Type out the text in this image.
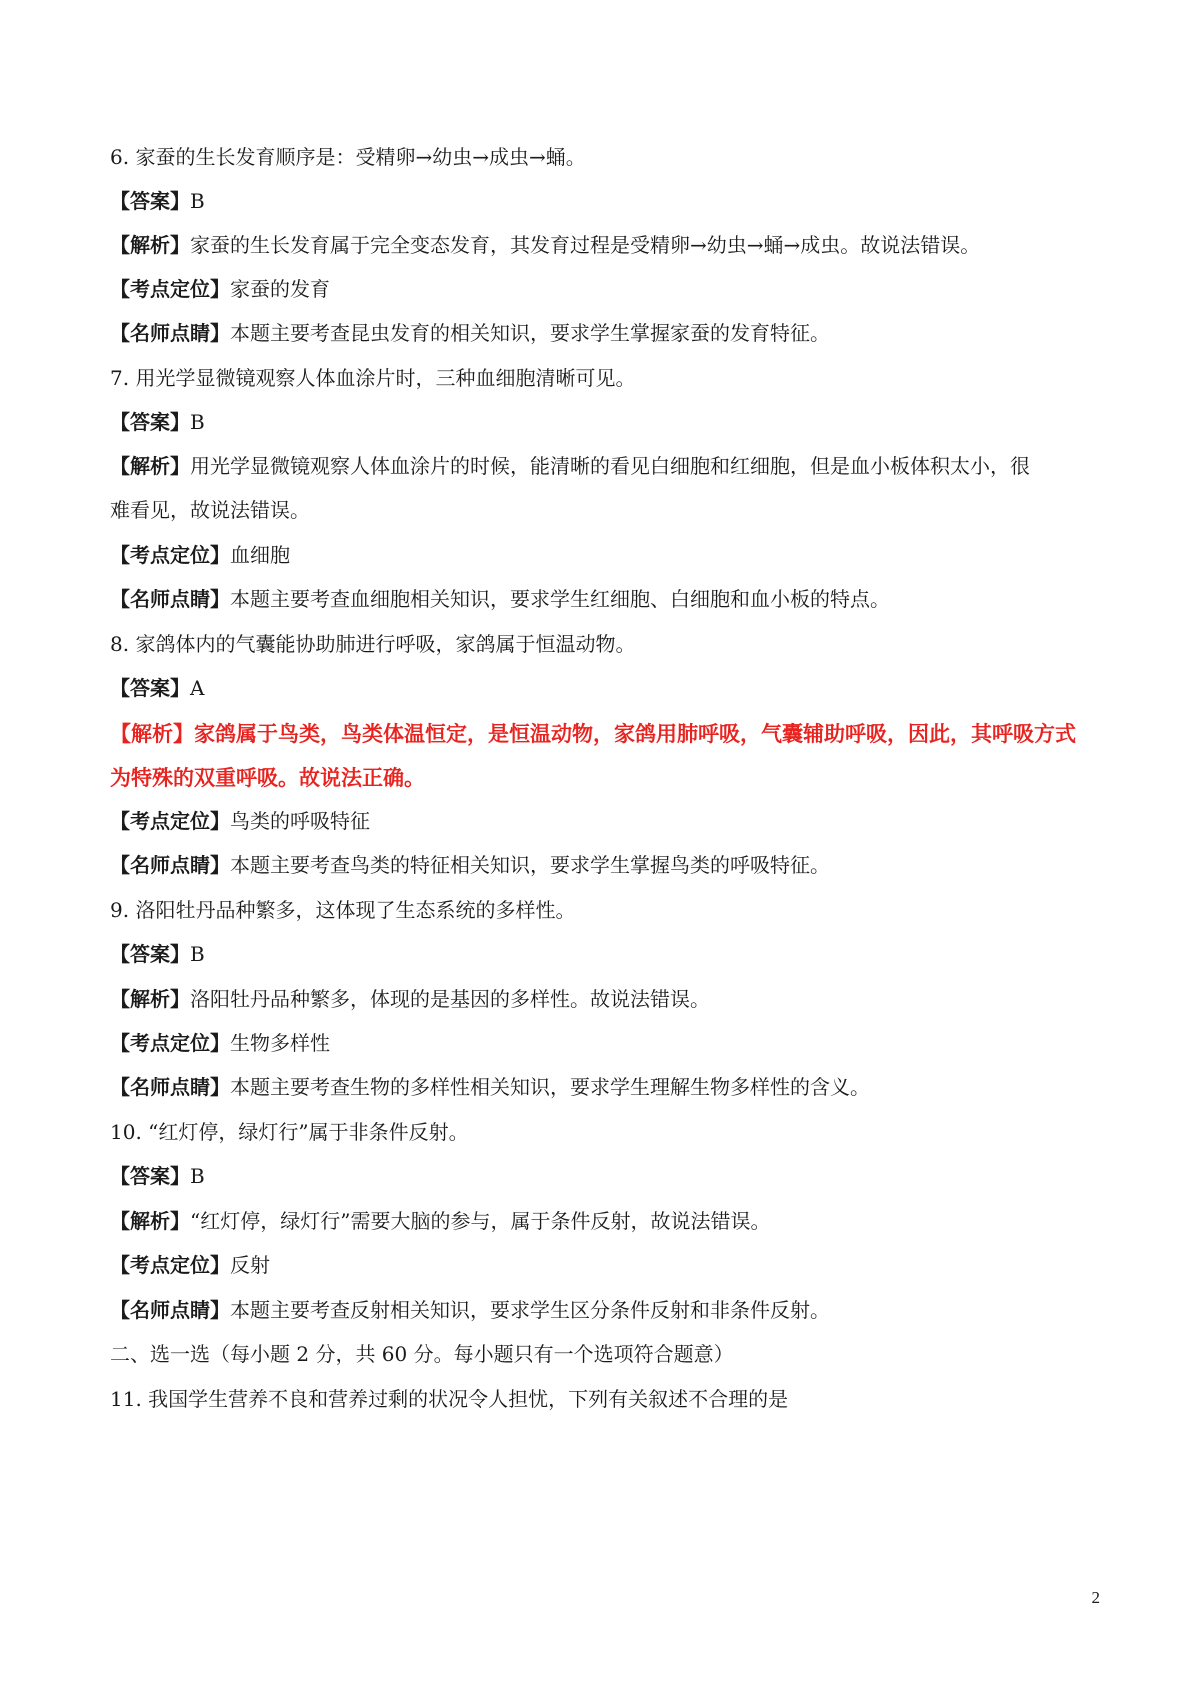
6. 家蚕的生长发育顺序是：受精卵→幼虫→成虫→蛹。
【答案】B
【解析】家蚕的生长发育属于完全变态发育，其发育过程是受精卵→幼虫→蛹→成虫。故说法错误。
【考点定位】家蚕的发育
【名师点睛】本题主要考查昆虫发育的相关知识，要求学生掌握家蚕的发育特征。
7. 用光学显微镜观察人体血涂片时，三种血细胞清晰可见。
【答案】B
【解析】用光学显微镜观察人体血涂片的时候，能清晰的看见白细胞和红细胞，但是血小板体积太小，很
难看见，故说法错误。
【考点定位】血细胞
【名师点睛】本题主要考查血细胞相关知识，要求学生红细胞、白细胞和血小板的特点。
8. 家鸽体内的气囊能协助肺进行呼吸，家鸽属于恒温动物。
【答案】A
【解析】家鸽属于鸟类，鸟类体温恒定，是恒温动物，家鸽用肺呼吸，气囊辅助呼吸，因此，其呼吸方式
为特殊的双重呼吸。故说法正确。
【考点定位】鸟类的呼吸特征
【名师点睛】本题主要考查鸟类的特征相关知识，要求学生掌握鸟类的呼吸特征。
9. 洛阳牡丹品种繁多，这体现了生态系统的多样性。
【答案】B
【解析】洛阳牡丹品种繁多，体现的是基因的多样性。故说法错误。
【考点定位】生物多样性
【名师点睛】本题主要考查生物的多样性相关知识，要求学生理解生物多样性的含义。
10. “红灯停，绿灯行”属于非条件反射。
【答案】B
【解析】“红灯停，绿灯行”需要大脑的参与，属于条件反射，故说法错误。
【考点定位】反射
【名师点睛】本题主要考查反射相关知识，要求学生区分条件反射和非条件反射。
二、选一选（每小题 2 分，共 60 分。每小题只有一个选项符合题意）
11. 我国学生营养不良和营养过剩的状况令人担忧，下列有关叙述不合理的是
2
